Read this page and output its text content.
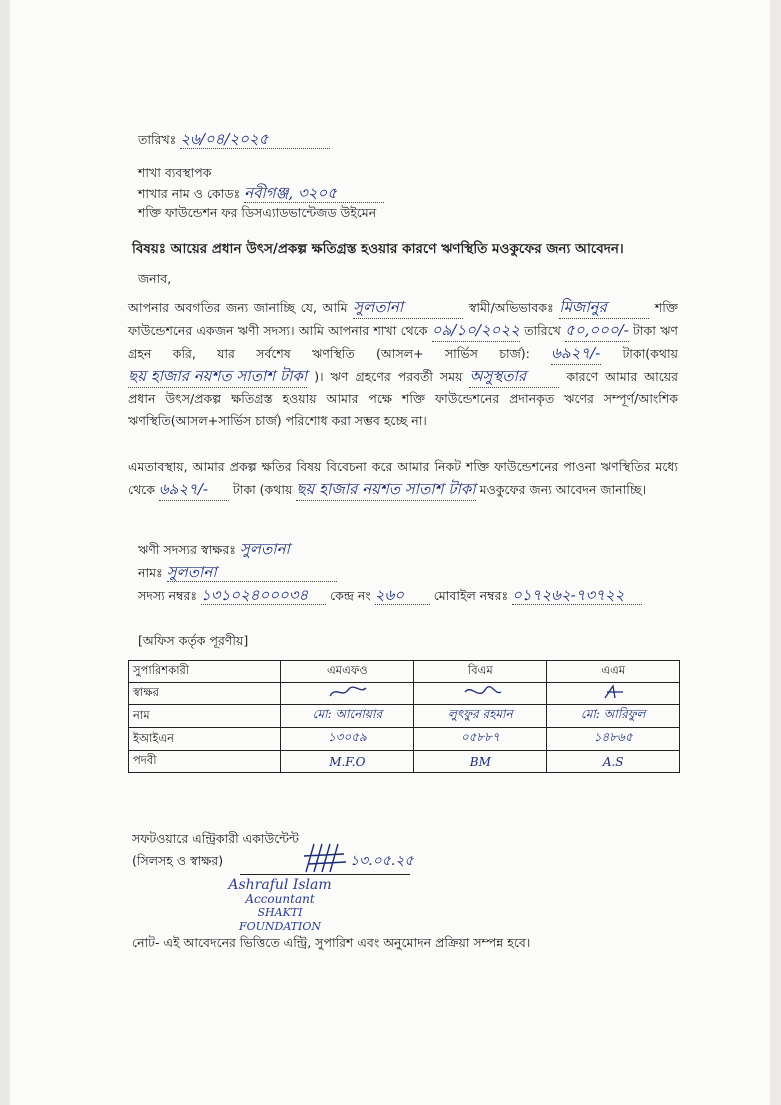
তারিখঃ ২৬/০৪/২০২৫
শাখা ব্যবস্থাপক
শাখার নাম ও কোডঃ নবীগঞ্জ, ৩২০৫
শক্তি ফাউন্ডেশন ফর ডিসএ্যাডভান্টেজড উইমেন
বিষয়ঃ আয়ের প্রধান উৎস/প্রকল্প ক্ষতিগ্রস্ত হওয়ার কারণে ঋণস্থিতি মওকুফের জন্য আবেদন।
জনাব,
আপনার অবগতির জন্য জানাচ্ছি যে, আমি সুলতানা	স্বামী/অভিভাবকঃ মিজানুর	শক্তি ফাউন্ডেশনের একজন ঋণী সদস্য। আমি আপনার শাখা থেকে ০৯/১০/২০২২ তারিখে ৫০,০০০/- টাকা ঋণ গ্রহন করি, যার সর্বশেষ ঋণস্থিতি (আসল+ সার্ভিস চার্জ): ৬৯২৭/- টাকা(কথায় ছয় হাজার নয়শত সাতাশ টাকা )। ঋণ গ্রহণের পরবর্তী সময় অসুস্থতার	কারণে আমার আয়ের প্রধান উৎস/প্রকল্প ক্ষতিগ্রস্ত হওয়ায় আমার পক্ষে শক্তি ফাউন্ডেশনের প্রদানকৃত ঋণের সম্পূর্ণ/আংশিক ঋণস্থিতি(আসল+সার্ভিস চার্জ) পরিশোধ করা সম্ভব হচ্ছে না।
এমতাবস্থায়, আমার প্রকল্প ক্ষতির বিষয় বিবেচনা করে আমার নিকট শক্তি ফাউন্ডেশনের পাওনা ঋণস্থিতির মধ্যে থেকে ৬৯২৭/- টাকা (কথায় ছয় হাজার নয়শত সাতাশ টাকা মওকুফের জন্য আবেদন জানাচ্ছি।
ঋণী সদস্যর স্বাক্ষরঃ সুলতানা
নামঃ সুলতানা
সদস্য নম্বরঃ ১৩১০২৪০০০৩৪ কেন্দ্র নং ২৬০ মোবাইল নম্বরঃ ০১৭২৬২-৭৩৭২২
[অফিস কর্তৃক পূরণীয়]
সুপারিশকারী	এমএফও	বিএম	এএম
স্বাক্ষর			
নাম	মো: আনোয়ার	লুৎফুর রহমান	মো: আরিফুল
ইআইএন	১৩০৫৯	০৫৮৮৭	১৪৮৬৫
পদবী	M.F.O	BM	A.S
সফটওয়ারে এন্ট্রিকারী একাউন্টেন্ট
(সিলসহ ও স্বাক্ষর)	১৩.০৫.২৫
Ashraful Islam
Accountant
SHAKTI FOUNDATION
নোট- এই আবেদনের ভিত্তিতে এন্ট্রি, সুপারিশ এবং অনুমোদন প্রক্রিয়া সম্পন্ন হবে।
